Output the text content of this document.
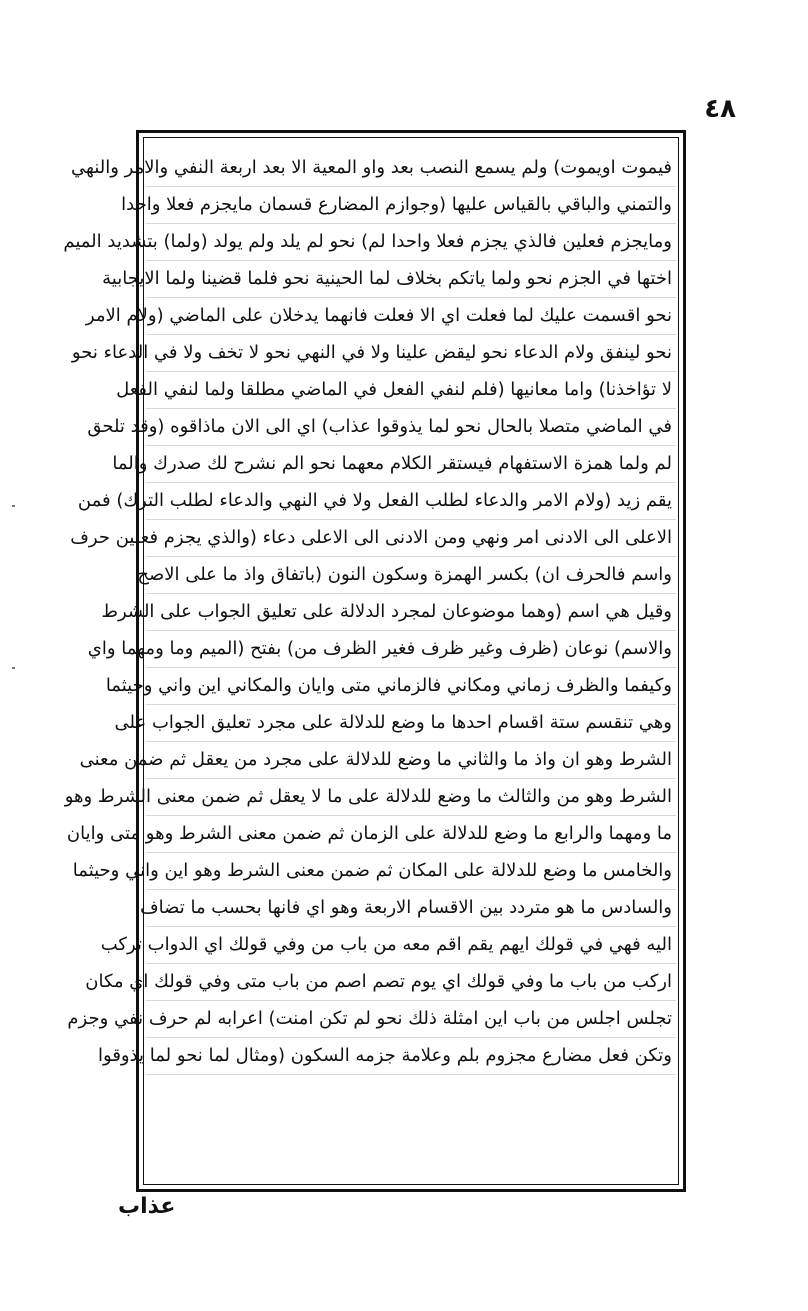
٤٨
فيموت اويموت) ولم يسمع النصب بعد واو المعية الا بعد اربعة النفي والامر والنهي
والتمني والباقي بالقياس عليها (وجوازم المضارع قسمان مايجزم فعلا واحدا
ومايجزم فعلين فالذي يجزم فعلا واحدا لم) نحو لم يلد ولم يولد (ولما) بتشديد الميم
اختها في الجزم نحو ولما ياتكم بخلاف لما الحينية نحو فلما قضينا ولما الايجابية
نحو اقسمت عليك لما فعلت اي الا فعلت فانهما يدخلان على الماضي (ولام الامر
نحو لينفق ولام الدعاء نحو ليقض علينا ولا في النهي نحو لا تخف ولا في الدعاء نحو
لا تؤاخذنا) واما معانيها (فلم لنفي الفعل في الماضي مطلقا ولما لنفي الفعل
في الماضي متصلا بالحال نحو لما يذوقوا عذاب) اي الى الان ماذاقوه (وقد تلحق
لم ولما همزة الاستفهام فيستقر الكلام معهما نحو الم نشرح لك صدرك والما
يقم زيد (ولام الامر والدعاء لطلب الفعل ولا في النهي والدعاء لطلب الترك) فمن
الاعلى الى الادنى امر ونهي ومن الادنى الى الاعلى دعاء (والذي يجزم فعلين حرف
واسم فالحرف ان) بكسر الهمزة وسكون النون (باتفاق واذ ما على الاصح
وقيل هي اسم (وهما موضوعان لمجرد الدلالة على تعليق الجواب على الشرط
والاسم) نوعان (ظرف وغير ظرف فغير الظرف من) بفتح (الميم وما ومهما واي
وكيفما والظرف زماني ومكاني فالزماني متى وايان والمكاني اين واني وحيثما
وهي تنقسم ستة اقسام احدها ما وضع للدلالة على مجرد تعليق الجواب على
الشرط وهو ان واذ ما والثاني ما وضع للدلالة على مجرد من يعقل ثم ضمن معنى
الشرط وهو من والثالث ما وضع للدلالة على ما لا يعقل ثم ضمن معنى الشرط وهو
ما ومهما والرابع ما وضع للدلالة على الزمان ثم ضمن معنى الشرط وهو متى وايان
والخامس ما وضع للدلالة على المكان ثم ضمن معنى الشرط وهو اين واني وحيثما
والسادس ما هو متردد بين الاقسام الاربعة وهو اي فانها بحسب ما تضاف
اليه فهي في قولك ايهم يقم اقم معه من باب من وفي قولك اي الدواب تركب
اركب من باب ما وفي قولك اي يوم تصم اصم من باب متى وفي قولك اي مكان
تجلس اجلس من باب اين امثلة ذلك نحو لم تكن امنت) اعرابه لم حرف نفي وجزم
وتكن فعل مضارع مجزوم بلم وعلامة جزمه السكون (ومثال لما نحو لما يذوقوا
عذاب
